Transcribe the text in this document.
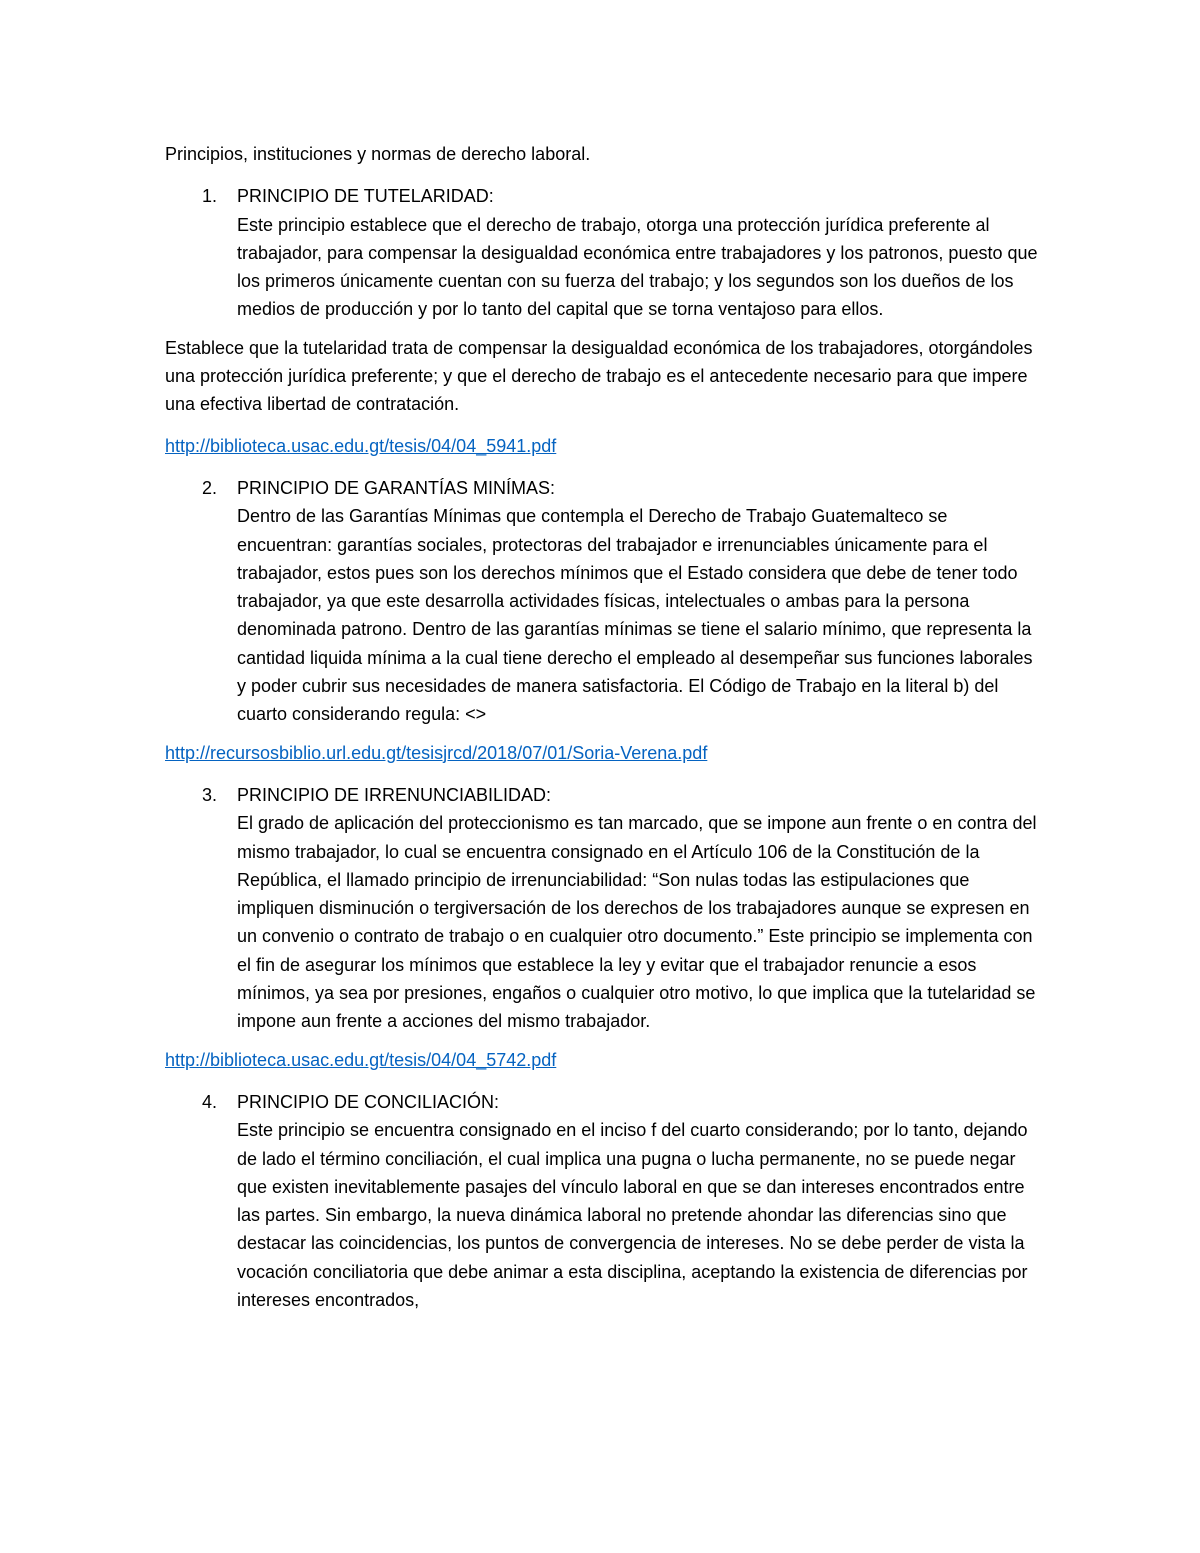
Principios, instituciones y normas de derecho laboral.

1. PRINCIPIO DE TUTELARIDAD:
Este principio establece que el derecho de trabajo, otorga una protección jurídica preferente al trabajador, para compensar la desigualdad económica entre trabajadores y los patronos, puesto que los primeros únicamente cuentan con su fuerza del trabajo; y los segundos son los dueños de los medios de producción y por lo tanto del capital que se torna ventajoso para ellos.

Establece que la tutelaridad trata de compensar la desigualdad económica de los trabajadores, otorgándoles una protección jurídica preferente; y que el derecho de trabajo es el antecedente necesario para que impere una efectiva libertad de contratación.

http://biblioteca.usac.edu.gt/tesis/04/04_5941.pdf

2. PRINCIPIO DE GARANTÍAS MINÍMAS:
Dentro de las Garantías Mínimas que contempla el Derecho de Trabajo Guatemalteco se encuentran: garantías sociales, protectoras del trabajador e irrenunciables únicamente para el trabajador, estos pues son los derechos mínimos que el Estado considera que debe de tener todo trabajador, ya que este desarrolla actividades físicas, intelectuales o ambas para la persona denominada patrono. Dentro de las garantías mínimas se tiene el salario mínimo, que representa la cantidad liquida mínima a la cual tiene derecho el empleado al desempeñar sus funciones laborales y poder cubrir sus necesidades de manera satisfactoria. El Código de Trabajo en la literal b) del cuarto considerando regula: <>

http://recursosbiblio.url.edu.gt/tesisjrcd/2018/07/01/Soria-Verena.pdf

3. PRINCIPIO DE IRRENUNCIABILIDAD:
El grado de aplicación del proteccionismo es tan marcado, que se impone aun frente o en contra del mismo trabajador, lo cual se encuentra consignado en el Artículo 106 de la Constitución de la República, el llamado principio de irrenunciabilidad: “Son nulas todas las estipulaciones que impliquen disminución o tergiversación de los derechos de los trabajadores aunque se expresen en un convenio o contrato de trabajo o en cualquier otro documento.” Este principio se implementa con el fin de asegurar los mínimos que establece la ley y evitar que el trabajador renuncie a esos mínimos, ya sea por presiones, engaños o cualquier otro motivo, lo que implica que la tutelaridad se impone aun frente a acciones del mismo trabajador.

http://biblioteca.usac.edu.gt/tesis/04/04_5742.pdf

4. PRINCIPIO DE CONCILIACIÓN:
Este principio se encuentra consignado en el inciso f del cuarto considerando; por lo tanto, dejando de lado el término conciliación, el cual implica una pugna o lucha permanente, no se puede negar que existen inevitablemente pasajes del vínculo laboral en que se dan intereses encontrados entre las partes. Sin embargo, la nueva dinámica laboral no pretende ahondar las diferencias sino que destacar las coincidencias, los puntos de convergencia de intereses. No se debe perder de vista la vocación conciliatoria que debe animar a esta disciplina, aceptando la existencia de diferencias por intereses encontrados,
